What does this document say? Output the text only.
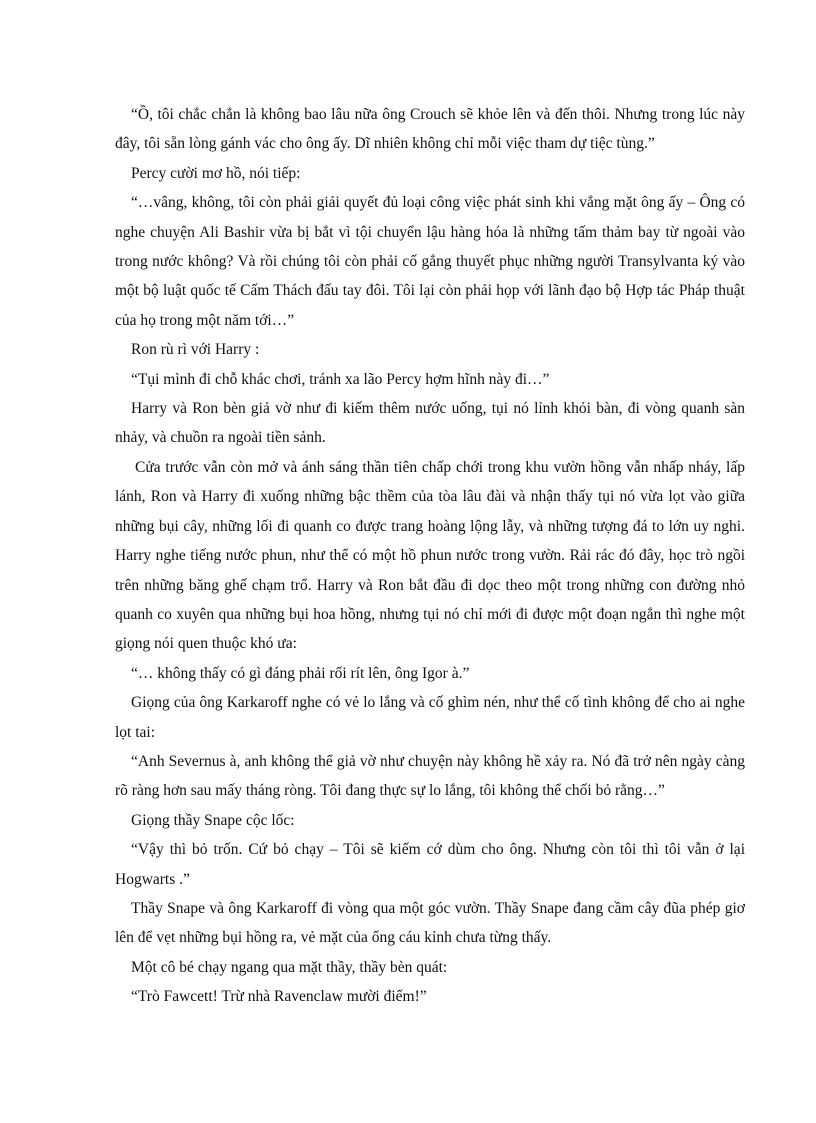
“Ồ, tôi chắc chắn là không bao lâu nữa ông Crouch sẽ khỏe lên và đến thôi. Nhưng trong lúc này đây, tôi sẵn lòng gánh vác cho ông ấy. Dĩ nhiên không chỉ mỗi việc tham dự tiệc tùng.”

Percy cười mơ hồ, nói tiếp:

“…vâng, không, tôi còn phải giải quyết đủ loại công việc phát sinh khi vắng mặt ông ấy – Ông có nghe chuyện Ali Bashir vừa bị bắt vì tội chuyển lậu hàng hóa là những tấm thảm bay từ ngoài vào trong nước không? Và rồi chúng tôi còn phải cố gắng thuyết phục những người Transylvanta ký vào một bộ luật quốc tế Cấm Thách đấu tay đôi. Tôi lại còn phải họp với lãnh đạo bộ Hợp tác Pháp thuật của họ trong một năm tới…”

Ron rù rì với Harry :

“Tụi mình đi chỗ khác chơi, tránh xa lão Percy hợm hĩnh này đi…”

Harry và Ron bèn giả vờ như đi kiếm thêm nước uống, tụi nó lỉnh khỏi bàn, đi vòng quanh sàn nhảy, và chuồn ra ngoài tiền sảnh.

Cửa trước vẫn còn mở và ánh sáng thần tiên chấp chới trong khu vườn hồng vẫn nhấp nháy, lấp lánh, Ron và Harry đi xuống những bậc thềm của tòa lâu đài và nhận thấy tụi nó vừa lọt vào giữa những bụi cây, những lối đi quanh co được trang hoàng lộng lẫy, và những tượng đá to lớn uy nghi. Harry nghe tiếng nước phun, như thể có một hồ phun nước trong vườn. Rải rác đó đây, học trò ngồi trên những băng ghế chạm trổ. Harry và Ron bắt đầu đi dọc theo một trong những con đường nhỏ quanh co xuyên qua những bụi hoa hồng, nhưng tụi nó chỉ mới đi được một đoạn ngắn thì nghe một giọng nói quen thuộc khó ưa:

“… không thấy có gì đáng phải rối rít lên, ông Igor à.”

Giọng của ông Karkaroff nghe có vẻ lo lắng và cố ghìm nén, như thể cố tình không để cho ai nghe lọt tai:

“Anh Severnus à, anh không thể giả vờ như chuyện này không hề xảy ra. Nó đã trở nên ngày càng rõ ràng hơn sau mấy tháng ròng. Tôi đang thực sự lo lắng, tôi không thể chối bỏ rằng…”

Giọng thầy Snape cộc lốc:

“Vậy thì bỏ trốn. Cứ bỏ chạy – Tôi sẽ kiếm cớ dùm cho ông. Nhưng còn tôi thì tôi vẫn ở lại Hogwarts .”

Thầy Snape và ông Karkaroff đi vòng qua một góc vườn. Thầy Snape đang cầm cây đũa phép giơ lên để vẹt những bụi hồng ra, vẻ mặt của ổng cáu kỉnh chưa từng thấy.

Một cô bé chạy ngang qua mặt thầy, thầy bèn quát:

“Trò Fawcett! Trừ nhà Ravenclaw mười điểm!”
